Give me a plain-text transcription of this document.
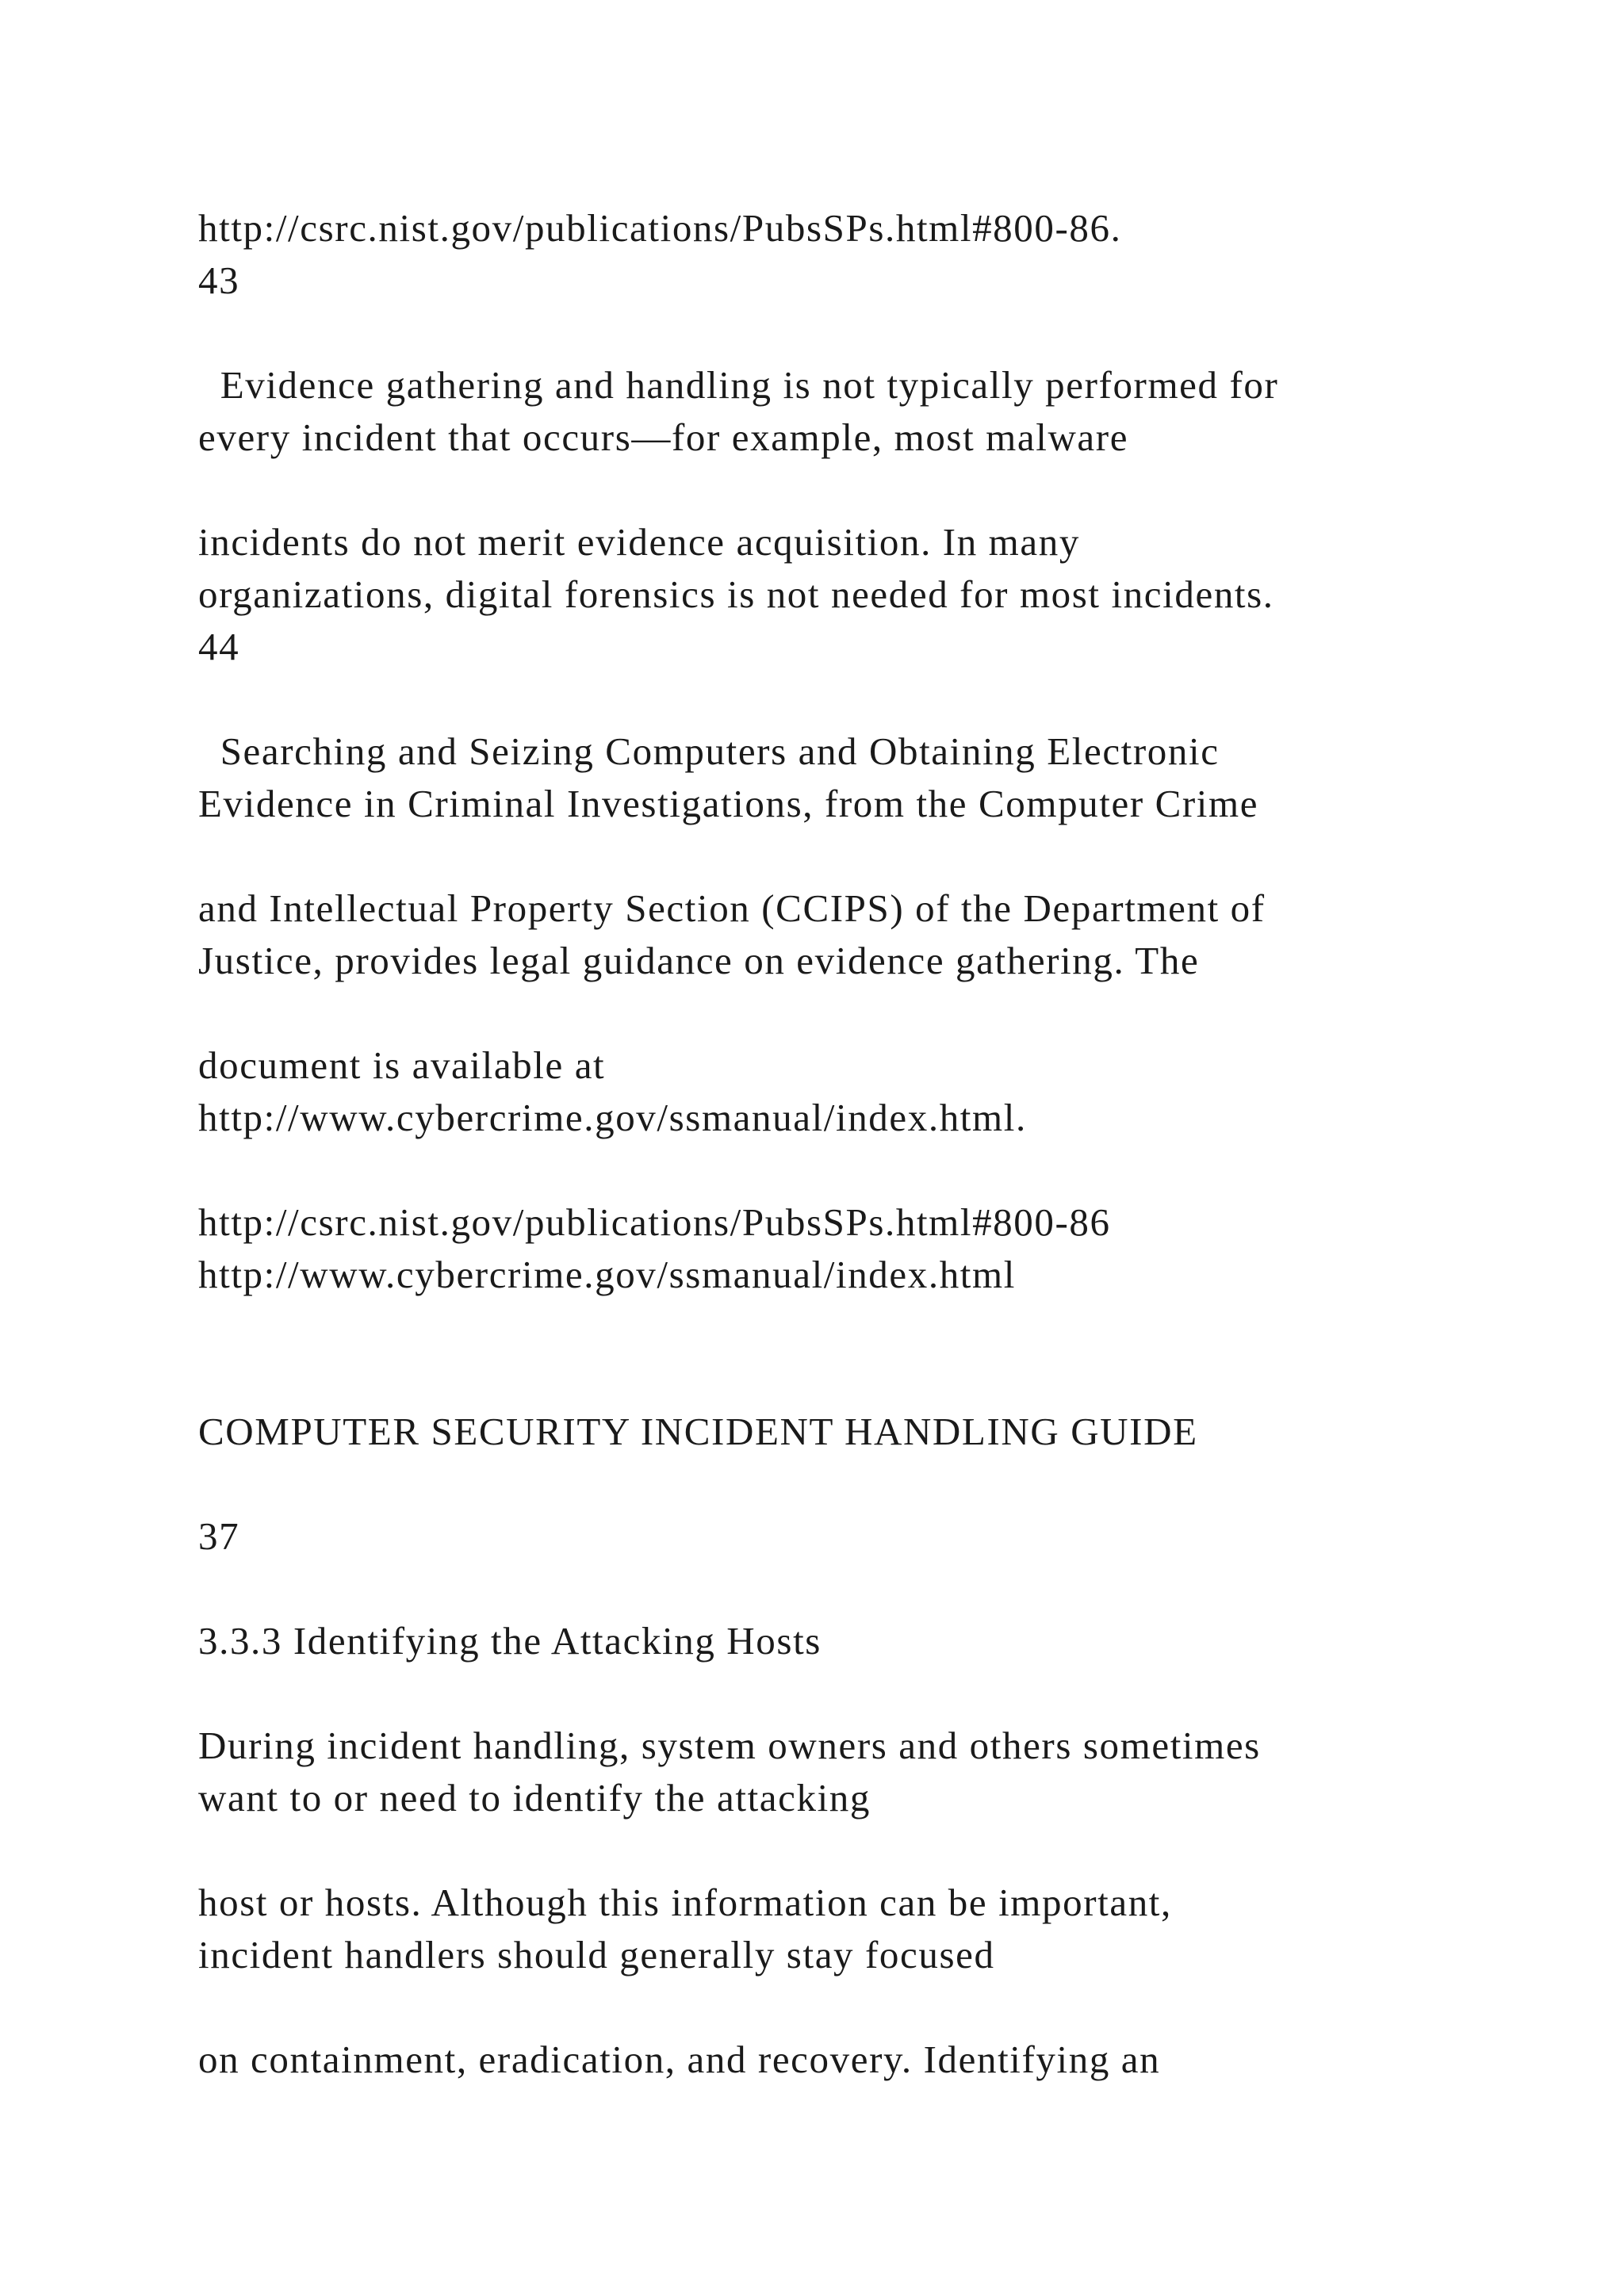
http://csrc.nist.gov/publications/PubsSPs.html#800-86.

43

Evidence gathering and handling is not typically performed for

every incident that occurs—for example, most malware

incidents do not merit evidence acquisition. In many

organizations, digital forensics is not needed for most incidents.

44

Searching and Seizing Computers and Obtaining Electronic

Evidence in Criminal Investigations, from the Computer Crime

and Intellectual Property Section (CCIPS) of the Department of

Justice, provides legal guidance on evidence gathering. The

document is available at

http://www.cybercrime.gov/ssmanual/index.html.

http://csrc.nist.gov/publications/PubsSPs.html#800-86

http://www.cybercrime.gov/ssmanual/index.html

COMPUTER SECURITY INCIDENT HANDLING GUIDE

37

3.3.3 Identifying the Attacking Hosts

During incident handling, system owners and others sometimes

want to or need to identify the attacking

host or hosts. Although this information can be important,

incident handlers should generally stay focused

on containment, eradication, and recovery. Identifying an
